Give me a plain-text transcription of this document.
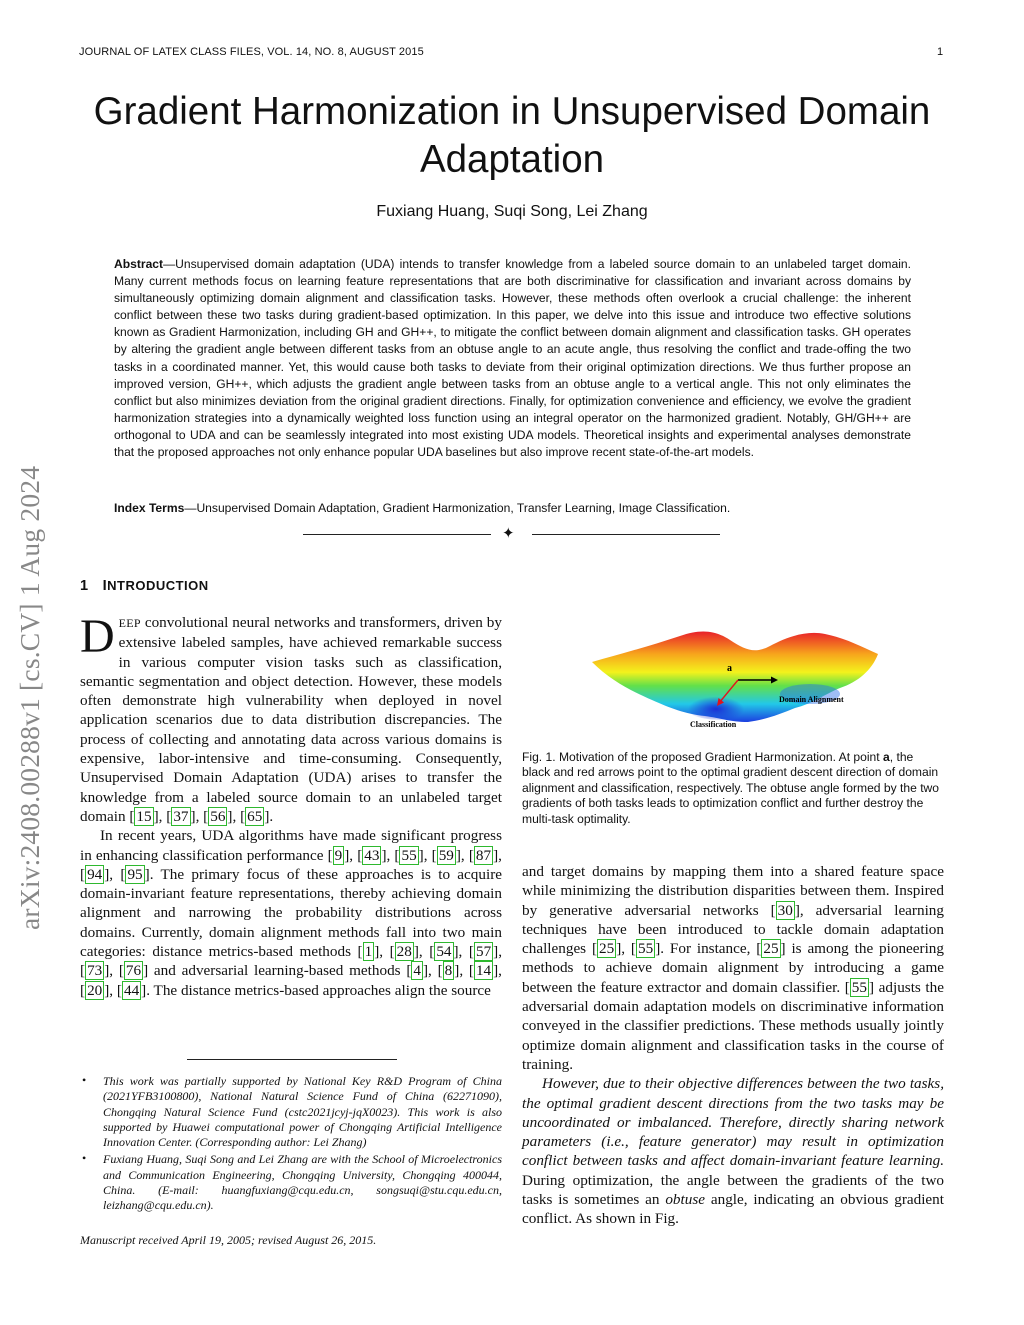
JOURNAL OF LATEX CLASS FILES, VOL. 14, NO. 8, AUGUST 2015	1
arXiv:2408.00288v1 [cs.CV] 1 Aug 2024
Gradient Harmonization in Unsupervised Domain Adaptation
Fuxiang Huang, Suqi Song, Lei Zhang
Abstract—Unsupervised domain adaptation (UDA) intends to transfer knowledge from a labeled source domain to an unlabeled target domain. Many current methods focus on learning feature representations that are both discriminative for classification and invariant across domains by simultaneously optimizing domain alignment and classification tasks. However, these methods often overlook a crucial challenge: the inherent conflict between these two tasks during gradient-based optimization. In this paper, we delve into this issue and introduce two effective solutions known as Gradient Harmonization, including GH and GH++, to mitigate the conflict between domain alignment and classification tasks. GH operates by altering the gradient angle between different tasks from an obtuse angle to an acute angle, thus resolving the conflict and trade-offing the two tasks in a coordinated manner. Yet, this would cause both tasks to deviate from their original optimization directions. We thus further propose an improved version, GH++, which adjusts the gradient angle between tasks from an obtuse angle to a vertical angle. This not only eliminates the conflict but also minimizes deviation from the original gradient directions. Finally, for optimization convenience and efficiency, we evolve the gradient harmonization strategies into a dynamically weighted loss function using an integral operator on the harmonized gradient. Notably, GH/GH++ are orthogonal to UDA and can be seamlessly integrated into most existing UDA models. Theoretical insights and experimental analyses demonstrate that the proposed approaches not only enhance popular UDA baselines but also improve recent state-of-the-art models.
Index Terms—Unsupervised Domain Adaptation, Gradient Harmonization, Transfer Learning, Image Classification.
✦
1 INTRODUCTION

DEEP convolutional neural networks and transformers, driven by extensive labeled samples, have achieved remarkable success in various computer vision tasks such as classification, semantic segmentation and object detection. However, these models often demonstrate high vulnerability when deployed in novel application scenarios due to data distribution discrepancies. The process of collecting and annotating data across various domains is expensive, labor-intensive and time-consuming. Consequently, Unsupervised Domain Adaptation (UDA) arises to transfer the knowledge from a labeled source domain to an unlabeled target domain [ 15 ], [ 37 ], [ 56 ], [ 65 ].

In recent years, UDA algorithms have made significant progress in enhancing classification performance [ 9 ], [ 43 ], [ 55 ], [ 59 ], [ 87 ], [ 94 ], [ 95 ]. The primary focus of these approaches is to acquire domain-invariant feature representations, thereby achieving domain alignment and narrowing the probability distributions across domains. Currently, domain alignment methods fall into two main categories: distance metrics-based methods [ 1 ], [ 28 ], [ 54 ], [ 57 ], [ 73 ], [ 76 ] and adversarial learning-based methods [ 4 ], [ 8 ], [ 14 ], [ 20 ], [ 44 ]. The distance metrics-based approaches align the source

• This work was partially supported by National Key R&D Program of China (2021YFB3100800), National Natural Science Fund of China (62271090), Chongqing Natural Science Fund (cstc2021jcyj-jqX0023). This work is also supported by Huawei computational power of Chongqing Artificial Intelligence Innovation Center. (Corresponding author: Lei Zhang)
• Fuxiang Huang, Suqi Song and Lei Zhang are with the School of Microelectronics and Communication Engineering, Chongqing University, Chongqing 400044, China. (E-mail: huangfuxiang@cqu.edu.cn, songsuqi@stu.cqu.edu.cn, leizhang@cqu.edu.cn).
Manuscript received April 19, 2005; revised August 26, 2015.
a
Domain Alignment
Classification
Fig. 1. Motivation of the proposed Gradient Harmonization. At point a, the black and red arrows point to the optimal gradient descent direction of domain alignment and classification, respectively. The obtuse angle formed by the two gradients of both tasks leads to optimization conflict and further destroy the multi-task optimality.

and target domains by mapping them into a shared feature space while minimizing the distribution disparities between them. Inspired by generative adversarial networks [ 30 ], adversarial learning techniques have been introduced to tackle domain adaptation challenges [ 25 ], [ 55 ]. For instance, [ 25 ] is among the pioneering methods to achieve domain alignment by introducing a game between the feature extractor and domain classifier. [ 55 ] adjusts the adversarial domain adaptation models on discriminative information conveyed in the classifier predictions. These methods usually jointly optimize domain alignment and classification tasks in the course of training.

However, due to their objective differences between the two tasks, the optimal gradient descent directions from the two tasks may be uncoordinated or imbalanced. Therefore, directly sharing network parameters (i.e., feature generator) may result in optimization conflict between tasks and affect domain-invariant feature learning. During optimization, the angle between the gradients of the two tasks is sometimes an obtuse angle, indicating an obvious gradient conflict. As shown in Fig.
